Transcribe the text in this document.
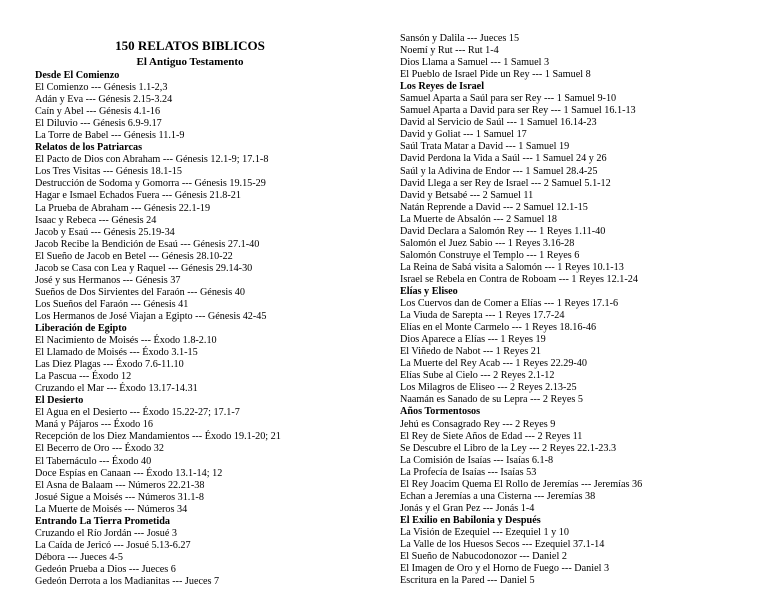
150 RELATOS BIBLICOS
El Antiguo Testamento
Desde El Comienzo
El Comienzo --- Génesis 1.1-2,3
Adán y Eva --- Génesis 2.15-3.24
Caín y Abel --- Génesis 4.1-16
El Diluvio --- Génesis 6.9-9.17
La Torre de Babel --- Génesis 11.1-9
Relatos de los Patriarcas
El Pacto de Dios con Abraham --- Génesis 12.1-9; 17.1-8
Los Tres Visitas --- Génesis 18.1-15
Destrucción de Sodoma y Gomorra --- Génesis 19.15-29
Hagar e Ismael Echados Fuera --- Génesis 21.8-21
La Prueba de Abraham --- Génesis 22.1-19
Isaac y Rebeca --- Génesis 24
Jacob y Esaú --- Génesis 25.19-34
Jacob Recibe la Bendición de Esaú --- Génesis 27.1-40
El Sueño de Jacob en Betel --- Génesis 28.10-22
Jacob se Casa con Lea y Raquel --- Génesis 29.14-30
José y sus Hermanos --- Génesis 37
Sueños de Dos Sirvientes del Faraón --- Génesis 40
Los Sueños del Faraón --- Génesis 41
Los Hermanos de José Viajan a Egipto --- Génesis 42-45
Liberación de Egipto
El Nacimiento de Moisés --- Éxodo 1.8-2.10
El Llamado de Moisés --- Éxodo 3.1-15
Las Diez Plagas --- Éxodo 7.6-11.10
La Pascua --- Éxodo 12
Cruzando el Mar --- Éxodo 13.17-14.31
El Desierto
El Agua en el Desierto --- Éxodo 15.22-27; 17.1-7
Maná y Pájaros --- Éxodo 16
Recepción de los Diez Mandamientos --- Éxodo 19.1-20; 21
El Becerro de Oro --- Éxodo 32
El Tabernáculo --- Éxodo 40
Doce Espías en Canaan --- Éxodo 13.1-14; 12
El Asna de Balaam --- Números 22.21-38
Josué Sigue a Moisés --- Números 31.1-8
La Muerte de Moisés --- Números 34
Entrando La Tierra Prometida
Cruzando el Río Jordán --- Josué 3
La Caída de Jericó --- Josué 5.13-6.27
Débora --- Jueces 4-5
Gedeón Prueba a Dios --- Jueces 6
Gedeón Derrota a los Madianitas --- Jueces 7
Sansón y Dalila --- Jueces 15
Noemí y Rut --- Rut 1-4
Dios Llama a Samuel --- 1 Samuel 3
El Pueblo de Israel Pide un Rey --- 1 Samuel 8
Los Reyes de Israel
Samuel Aparta a Saúl para ser Rey --- 1 Samuel 9-10
Samuel Aparta a David para ser Rey --- 1 Samuel 16.1-13
David al Servicio de Saúl --- 1 Samuel 16.14-23
David y Goliat --- 1 Samuel 17
Saúl Trata Matar a David --- 1 Samuel 19
David Perdona la Vida a Saúl --- 1 Samuel 24 y 26
Saúl y la Adivina de Endor --- 1 Samuel 28.4-25
David Llega a ser Rey de Israel --- 2 Samuel 5.1-12
David y Betsabé --- 2 Samuel 11
Natán Reprende a David --- 2 Samuel 12.1-15
La Muerte de Absalón --- 2 Samuel 18
David Declara a Salomón Rey --- 1 Reyes 1.11-40
Salomón el Juez Sabio --- 1 Reyes 3.16-28
Salomón Construye el Templo --- 1 Reyes 6
La Reina de Sabá visita a Salomón --- 1 Reyes 10.1-13
Israel se Rebela en Contra de Roboam --- 1 Reyes 12.1-24
Elías y Eliseo
Los Cuervos dan de Comer a Elías --- 1 Reyes 17.1-6
La Viuda de Sarepta --- 1 Reyes 17.7-24
Elías en el Monte Carmelo --- 1 Reyes 18.16-46
Dios Aparece a Elías --- 1 Reyes 19
El Viñedo de Nabot --- 1 Reyes 21
La Muerte del Rey Acab --- 1 Reyes 22.29-40
Elías Sube al Cielo --- 2 Reyes 2.1-12
Los Milagros de Eliseo --- 2 Reyes 2.13-25
Naamán es Sanado de su Lepra --- 2 Reyes 5
Años Tormentosos
Jehú es Consagrado Rey --- 2 Reyes 9
El Rey de Siete Años de Edad --- 2 Reyes 11
Se Descubre el Libro de la Ley --- 2 Reyes 22.1-23.3
La Comisión de Isaías --- Isaías 6.1-8
La Profecía de Isaías --- Isaías 53
El Rey Joacim Quema El Rollo de Jeremías --- Jeremías 36
Echan a Jeremías a una Cisterna --- Jeremías 38
Jonás y el Gran Pez --- Jonás 1-4
El Exilio en Babilonia y Después
La Visión de Ezequiel --- Ezequiel 1 y 10
La Valle de los Huesos Secos --- Ezequiel 37.1-14
El Sueño de Nabucodonozor --- Daniel 2
El Imagen de Oro y el Horno de Fuego --- Daniel 3
Escritura en la Pared --- Daniel 5
